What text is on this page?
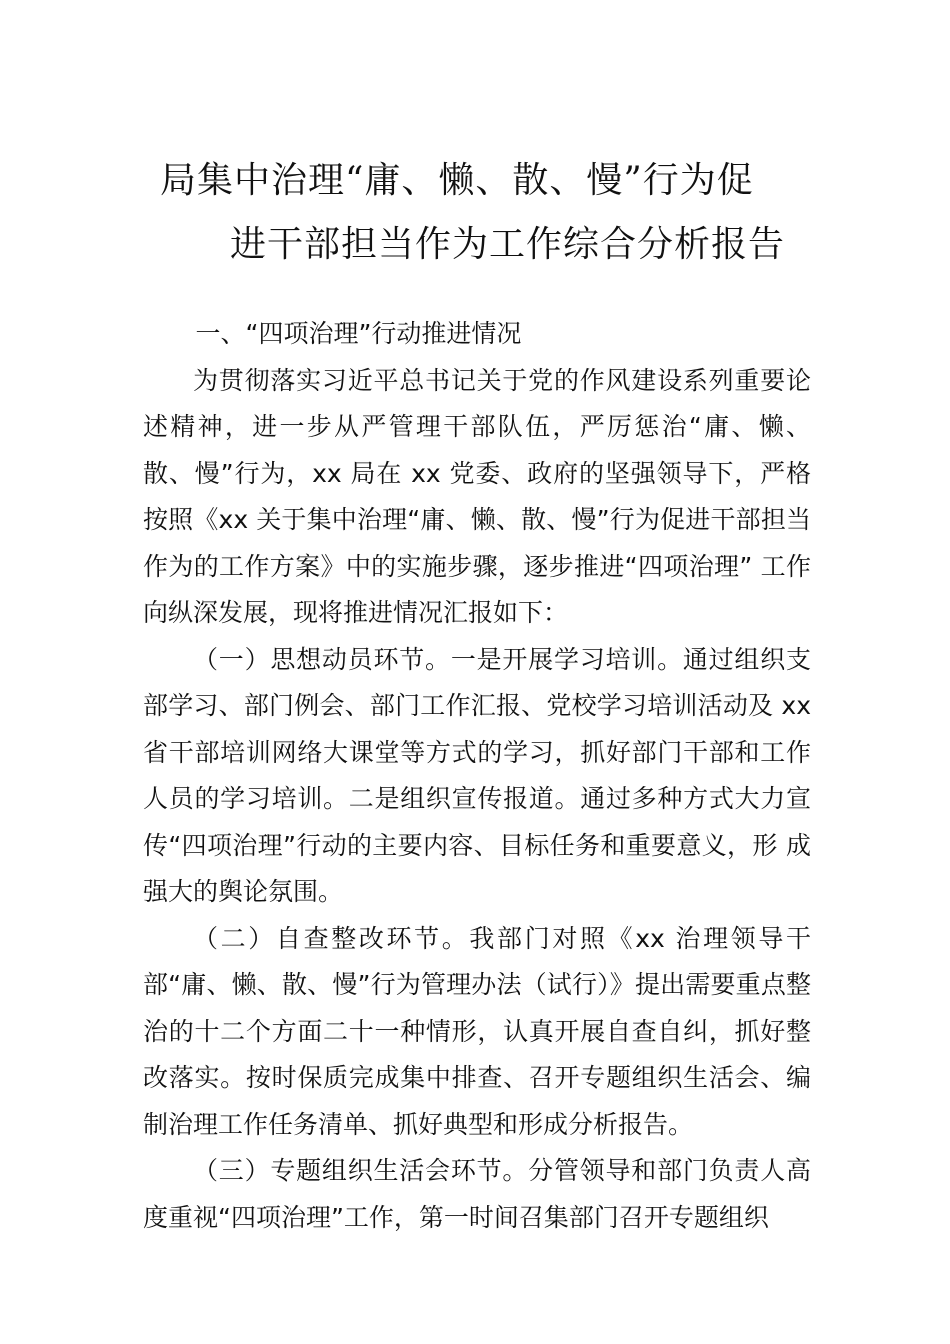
局集中治理“庸、懒、散、慢”行为促
进干部担当作为工作综合分析报告

一、“四项治理”行动推进情况

为贯彻落实习近平总书记关于党的作风建设系列重要论述精神，进一步从严管理干部队伍，严厉惩治“庸、懒、 散、慢”行为，xx 局在 xx 党委、政府的坚强领导下，严格按照《xx 关于集中治理“庸、懒、散、慢”行为促进干部担当作为的工作方案》中的实施步骤，逐步推进“四项治理” 工作向纵深发展，现将推进情况汇报如下：

（一）思想动员环节。一是开展学习培训。通过组织支部学习、部门例会、部门工作汇报、党校学习培训活动及 xx 省干部培训网络大课堂等方式的学习，抓好部门干部和工作人员的学习培训。二是组织宣传报道。通过多种方式大力宣传“四项治理”行动的主要内容、目标任务和重要意义，形 成强大的舆论氛围。

（二）自查整改环节。我部门对照《xx 治理领导干部“庸、懒、散、慢”行为管理办法（试行）》提出需要重点整治的十二个方面二十一种情形，认真开展自查自纠，抓好整改落实。按时保质完成集中排查、召开专题组织生活会、编制治理工作任务清单、抓好典型和形成分析报告。

（三）专题组织生活会环节。分管领导和部门负责人高度重视“四项治理”工作，第一时间召集部门召开专题组织
